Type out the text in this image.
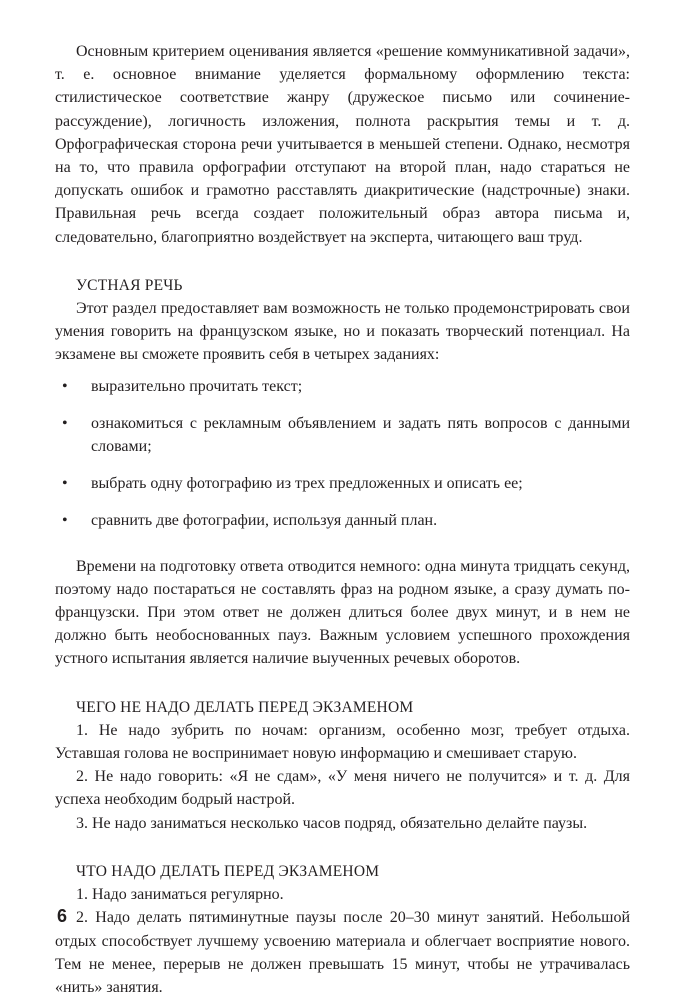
Основным критерием оценивания является «решение коммуникативной задачи», т. е. основное внимание уделяется формальному оформлению текста: стилистическое соответствие жанру (дружеское письмо или сочинение-рассуждение), логичность изложения, полнота раскрытия темы и т. д. Орфографическая сторона речи учитывается в меньшей степени. Однако, несмотря на то, что правила орфографии отступают на второй план, надо стараться не допускать ошибок и грамотно расставлять диакритические (надстрочные) знаки. Правильная речь всегда создает положительный образ автора письма и, следовательно, благоприятно воздействует на эксперта, читающего ваш труд.

УСТНАЯ РЕЧЬ

Этот раздел предоставляет вам возможность не только продемонстрировать свои умения говорить на французском языке, но и показать творческий потенциал. На экзамене вы сможете проявить себя в четырех заданиях:

• выразительно прочитать текст;
• ознакомиться с рекламным объявлением и задать пять вопросов с данными словами;
• выбрать одну фотографию из трех предложенных и описать ее;
• сравнить две фотографии, используя данный план.

Времени на подготовку ответа отводится немного: одна минута тридцать секунд, поэтому надо постараться не составлять фраз на родном языке, а сразу думать по-французски. При этом ответ не должен длиться более двух минут, и в нем не должно быть необоснованных пауз. Важным условием успешного прохождения устного испытания является наличие выученных речевых оборотов.

ЧЕГО НЕ НАДО ДЕЛАТЬ ПЕРЕД ЭКЗАМЕНОМ

1. Не надо зубрить по ночам: организм, особенно мозг, требует отдыха. Уставшая голова не воспринимает новую информацию и смешивает старую.

2. Не надо говорить: «Я не сдам», «У меня ничего не получится» и т. д. Для успеха необходим бодрый настрой.

3. Не надо заниматься несколько часов подряд, обязательно делайте паузы.

ЧТО НАДО ДЕЛАТЬ ПЕРЕД ЭКЗАМЕНОМ

1. Надо заниматься регулярно.

2. Надо делать пятиминутные паузы после 20–30 минут занятий. Небольшой отдых способствует лучшему усвоению материала и облегчает восприятие нового. Тем не менее, перерыв не должен превышать 15 минут, чтобы не утрачивалась «нить» занятия.

6
